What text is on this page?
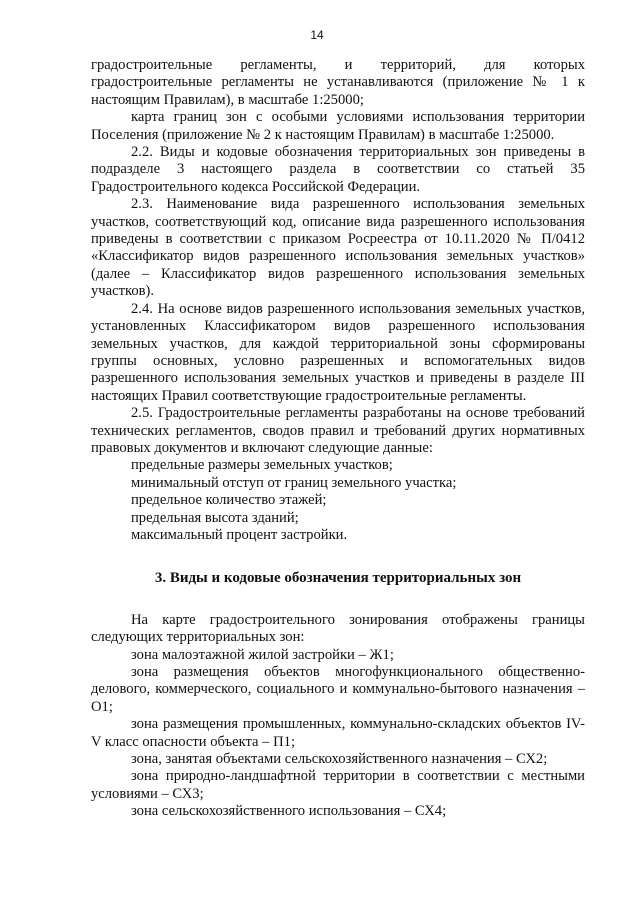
14

градостроительные регламенты, и территорий, для которых градостроительные регламенты не устанавливаются (приложение № 1 к настоящим Правилам), в масштабе 1:25000;

карта границ зон с особыми условиями использования территории Поселения (приложение № 2 к настоящим Правилам) в масштабе 1:25000.

2.2. Виды и кодовые обозначения территориальных зон приведены в подразделе 3 настоящего раздела в соответствии со статьей 35 Градостроительного кодекса Российской Федерации.

2.3. Наименование вида разрешенного использования земельных участков, соответствующий код, описание вида разрешенного использования приведены в соответствии с приказом Росреестра от 10.11.2020 № П/0412 «Классификатор видов разрешенного использования земельных участков» (далее – Классификатор видов разрешенного использования земельных участков).

2.4. На основе видов разрешенного использования земельных участков, установленных Классификатором видов разрешенного использования земельных участков, для каждой территориальной зоны сформированы группы основных, условно разрешенных и вспомогательных видов разрешенного использования земельных участков и приведены в разделе III настоящих Правил соответствующие градостроительные регламенты.

2.5. Градостроительные регламенты разработаны на основе требований технических регламентов, сводов правил и требований других нормативных правовых документов и включают следующие данные:

предельные размеры земельных участков;

минимальный отступ от границ земельного участка;

предельное количество этажей;

предельная высота зданий;

максимальный процент застройки.

3. Виды и кодовые обозначения территориальных зон

На карте градостроительного зонирования отображены границы следующих территориальных зон:

зона малоэтажной жилой застройки – Ж1;

зона размещения объектов многофункционального общественно-делового, коммерческого, социального и коммунально-бытового назначения – О1;

зона размещения промышленных, коммунально-складских объектов IV-V класс опасности объекта – П1;

зона, занятая объектами сельскохозяйственного назначения – СХ2;

зона природно-ландшафтной территории в соответствии с местными условиями – СХ3;

зона сельскохозяйственного использования – СХ4;
